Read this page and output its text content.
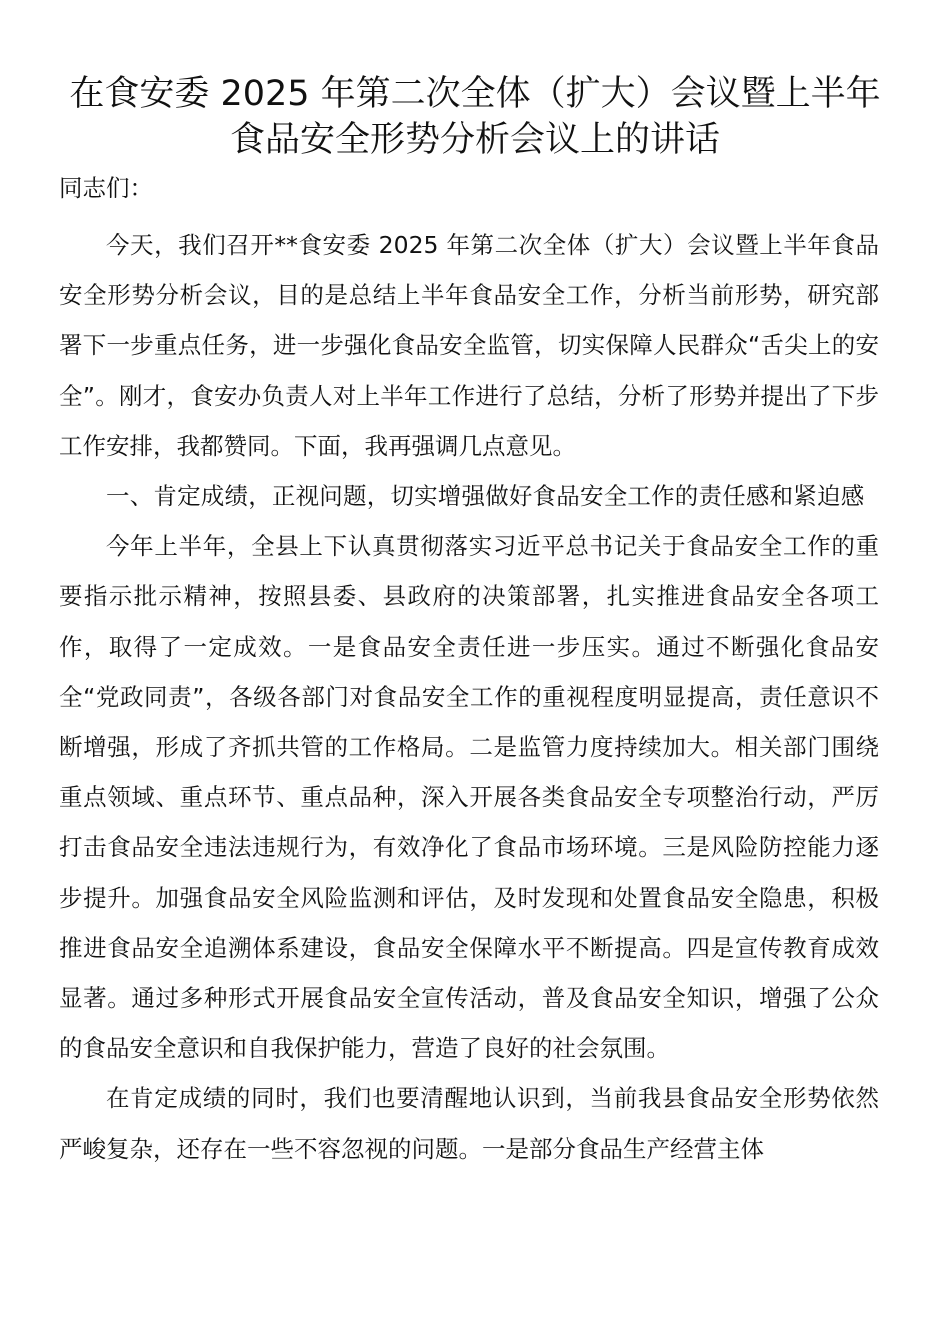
在食安委 2025 年第二次全体（扩大）会议暨上半年
食品安全形势分析会议上的讲话
同志们：

今天，我们召开**食安委 2025 年第二次全体（扩大）会议暨上半年食品安全形势分析会议，目的是总结上半年食品安全工作，分析当前形势，研究部署下一步重点任务，进一步强化食品安全监管，切实保障人民群众“舌尖上的安全”。刚才，食安办负责人对上半年工作进行了总结，分析了形势并提出了下步工作安排，我都赞同。下面，我再强调几点意见。

一、肯定成绩，正视问题，切实增强做好食品安全工作的责任感和紧迫感

今年上半年，全县上下认真贯彻落实习近平总书记关于食品安全工作的重要指示批示精神，按照县委、县政府的决策部署，扎实推进食品安全各项工作，取得了一定成效。一是食品安全责任进一步压实。通过不断强化食品安全“党政同责”，各级各部门对食品安全工作的重视程度明显提高，责任意识不断增强，形成了齐抓共管的工作格局。二是监管力度持续加大。相关部门围绕重点领域、重点环节、重点品种，深入开展各类食品安全专项整治行动，严厉打击食品安全违法违规行为，有效净化了食品市场环境。三是风险防控能力逐步提升。加强食品安全风险监测和评估，及时发现和处置食品安全隐患，积极推进食品安全追溯体系建设，食品安全保障水平不断提高。四是宣传教育成效显著。通过多种形式开展食品安全宣传活动，普及食品安全知识，增强了公众的食品安全意识和自我保护能力，营造了良好的社会氛围。

在肯定成绩的同时，我们也要清醒地认识到，当前我县食品安全形势依然严峻复杂，还存在一些不容忽视的问题。一是部分食品生产经营主体
